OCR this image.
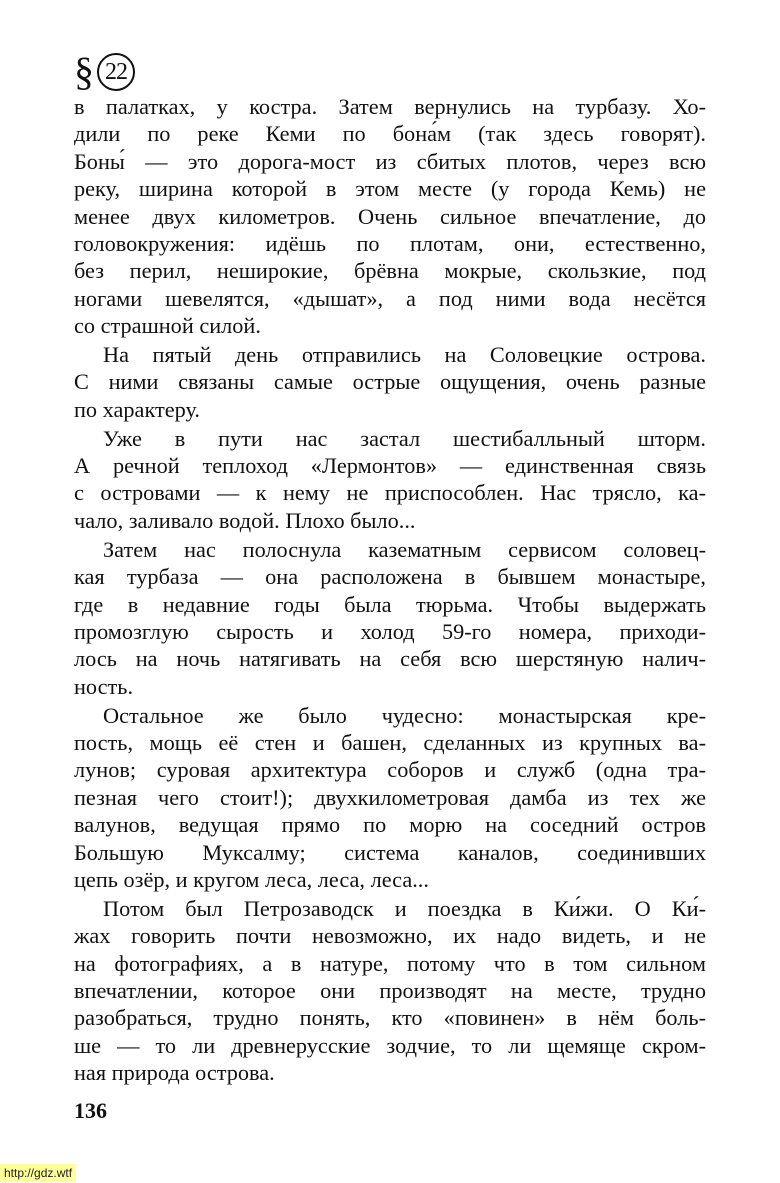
§ 22
в палатках, у костра. Затем вернулись на турбазу. Хо-
дили по реке Кеми по бона́м (так здесь говорят).
Боны́ — это дорога-мост из сбитых плотов, через всю
реку, ширина которой в этом месте (у города Кемь) не
менее двух километров. Очень сильное впечатление, до
головокружения: идёшь по плотам, они, естественно,
без перил, неширокие, брёвна мокрые, скользкие, под
ногами шевелятся, «дышат», а под ними вода несётся
со страшной силой.
На пятый день отправились на Соловецкие острова.
С ними связаны самые острые ощущения, очень разные
по характеру.
Уже в пути нас застал шестибалльный шторм.
А речной теплоход «Лермонтов» — единственная связь
с островами — к нему не приспособлен. Нас трясло, ка-
чало, заливало водой. Плохо было...
Затем нас полоснула казематным сервисом соловец-
кая турбаза — она расположена в бывшем монастыре,
где в недавние годы была тюрьма. Чтобы выдержать
промозглую сырость и холод 59-го номера, приходи-
лось на ночь натягивать на себя всю шерстяную налич-
ность.
Остальное же было чудесно: монастырская кре-
пость, мощь её стен и башен, сделанных из крупных ва-
лунов; суровая архитектура соборов и служб (одна тра-
пезная чего стоит!); двухкилометровая дамба из тех же
валунов, ведущая прямо по морю на соседний остров
Большую Муксалму; система каналов, соединивших
цепь озёр, и кругом леса, леса, леса...
Потом был Петрозаводск и поездка в Ки́жи. О Ки́-
жах говорить почти невозможно, их надо видеть, и не
на фотографиях, а в натуре, потому что в том сильном
впечатлении, которое они производят на месте, трудно
разобраться, трудно понять, кто «повинен» в нём боль-
ше — то ли древнерусские зодчие, то ли щемяще скром-
ная природа острова.
136
http://gdz.wtf
